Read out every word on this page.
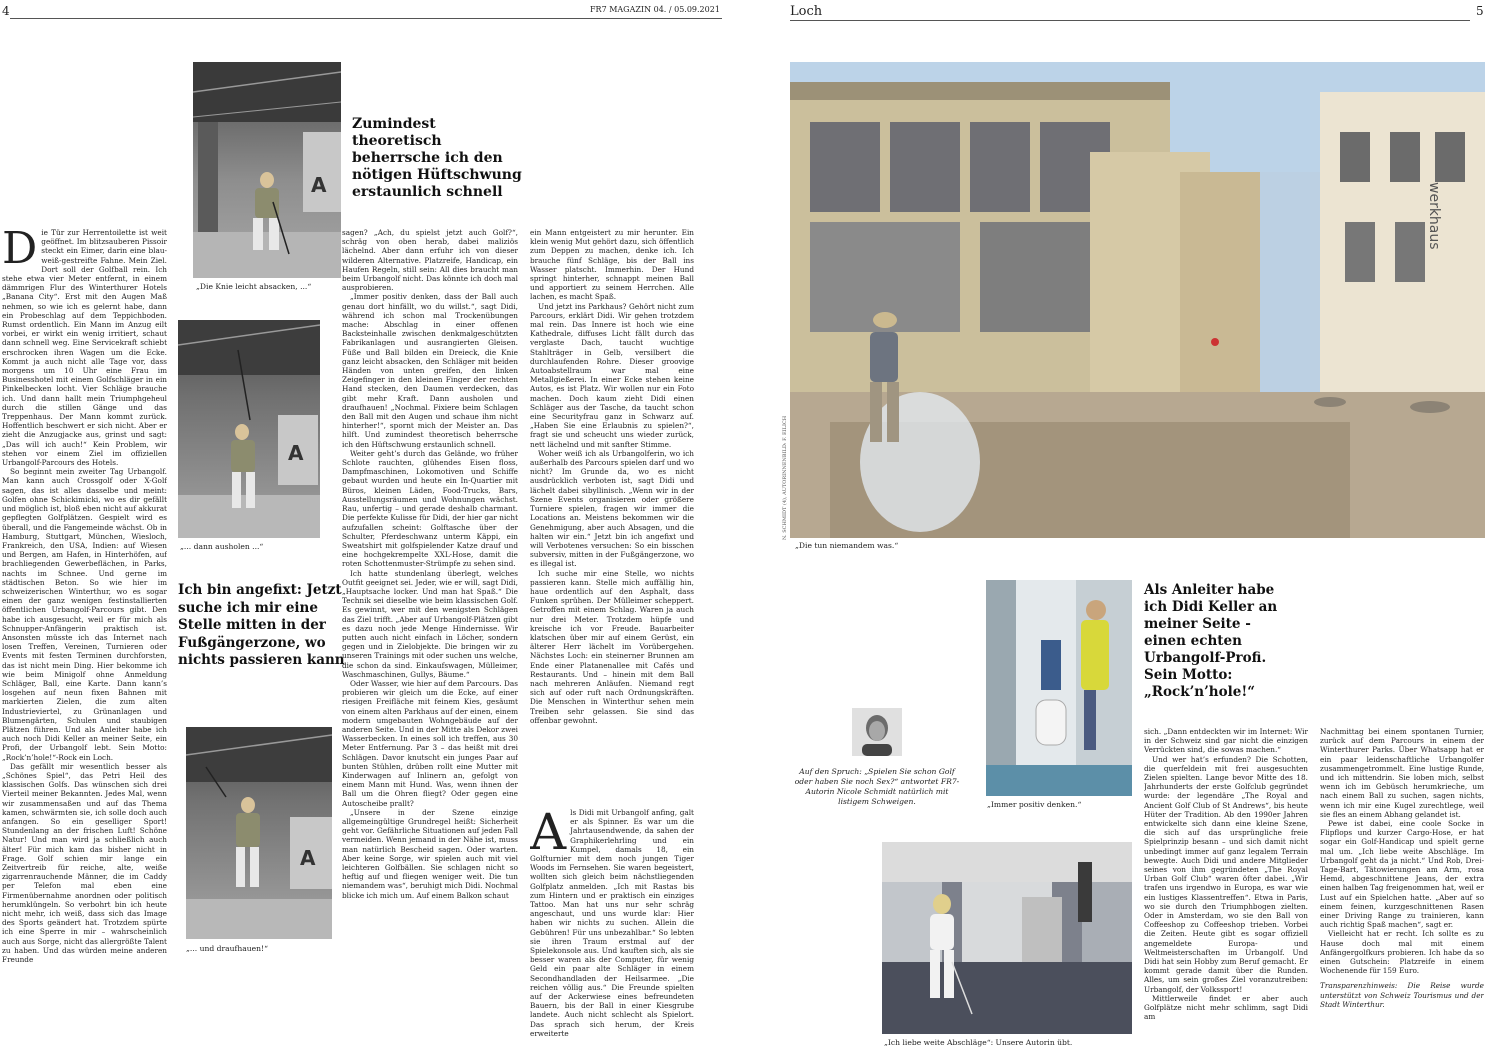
4	FR7 MAGAZIN 04. / 05.09.2021	Loch	5
A
„Die Knie leicht absacken, ...“
A
„... dann ausholen ...“
A
„... und draufhauen!“
Zumindest theoretisch beherrsche ich den nötigen Hüftschwung erstaunlich schnell
Ich bin angefixt: Jetzt suche ich mir eine Stelle mitten in der Fußgängerzone, wo nichts passieren kann
Als Anleiter habe ich Didi Keller an meiner Seite - einen echten Urbangolf-Profi. Sein Motto: „Rock’n’hole!“

Die Tür zur Herrentoilette ist weit geöffnet. Im blitzsauberen Pissoir steckt ein Eimer, darin eine blau-weiß-gestreifte Fahne. Mein Ziel. Dort soll der Golfball rein. Ich stehe etwa vier Meter entfernt, in einem dämmrigen Flur des Winterthurer Hotels „Banana City“. Erst mit den Augen Maß nehmen, so wie ich es gelernt habe, dann ein Probeschlag auf dem Teppichboden. Rumst ordentlich. Ein Mann im Anzug eilt vorbei, er wirkt ein wenig irritiert, schaut dann schnell weg. Eine Servicekraft schiebt erschrocken ihren Wagen um die Ecke. Kommt ja auch nicht alle Tage vor, dass morgens um 10 Uhr eine Frau im Businesshotel mit einem Golfschläger in ein Pinkelbecken locht. Vier Schläge brauche ich. Und dann hallt mein Triumphgeheul durch die stillen Gänge und das Treppenhaus. Der Mann kommt zurück. Hoffentlich beschwert er sich nicht. Aber er zieht die Anzugjacke aus, grinst und sagt: „Das will ich auch!“ Kein Problem, wir stehen vor einem Ziel im offiziellen Urbangolf-Parcours des Hotels.

So beginnt mein zweiter Tag Urbangolf. Man kann auch Crossgolf oder X-Golf sagen, das ist alles dasselbe und meint: Golfen ohne Schickimicki, wo es dir gefällt und möglich ist, bloß eben nicht auf akkurat gepflegten Golfplätzen. Gespielt wird es überall, und die Fangemeinde wächst. Ob in Hamburg, Stuttgart, München, Wiesloch, Frankreich, den USA, Indien: auf Wiesen und Bergen, am Hafen, in Hinterhöfen, auf brachliegenden Gewerbeflächen, in Parks, nachts im Schnee. Und gerne im städtischen Beton. So wie hier im schweizerischen Winterthur, wo es sogar einen der ganz wenigen festinstallierten öffentlichen Urbangolf-Parcours gibt. Den habe ich ausgesucht, weil er für mich als Schnupper-Anfängerin praktisch ist. Ansonsten müsste ich das Internet nach losen Treffen, Vereinen, Turnieren oder Events mit festen Terminen durchforsten, das ist nicht mein Ding. Hier bekomme ich wie beim Minigolf ohne Anmeldung Schläger, Ball, eine Karte. Dann kann’s losgehen auf neun fixen Bahnen mit markierten Zielen, die zum alten Industrieviertel, zu Grünanlagen und Blumengärten, Schulen und staubigen Plätzen führen. Und als Anleiter habe ich auch noch Didi Keller an meiner Seite, ein Profi, der Urbangolf lebt. Sein Motto: „Rock’n’hole!“-Rock ein Loch.

Das gefällt mir wesentlich besser als „Schönes Spiel“, das Petri Heil des klassischen Golfs. Das wünschen sich drei Vierteil meiner Bekannten. Jedes Mal, wenn wir zusammensaßen und auf das Thema kamen, schwärmten sie, ich solle doch auch anfangen. So ein geselliger Sport! Stundenlang an der frischen Luft! Schöne Natur! Und man wird ja schließlich auch älter! Für mich kam das bisher nicht in Frage. Golf schien mir lange ein Zeitvertreib für reiche, alte, weiße zigarrenrauchende Männer, die im Caddy per Telefon mal eben eine Firmenübernahme anordnen oder politisch herumklüngeln. So verbohrt bin ich heute nicht mehr, ich weiß, dass sich das Image des Sports geändert hat. Trotzdem spürte ich eine Sperre in mir – wahrscheinlich auch aus Sorge, nicht das allergrößte Talent zu haben. Und das würden meine anderen Freunde

sagen? „Ach, du spielst jetzt auch Golf?“, schräg von oben herab, dabei maliziös lächelnd. Aber dann erfuhr ich von dieser wilderen Alternative. Platzreife, Handicap, ein Haufen Regeln, still sein: All dies braucht man beim Urbangolf nicht. Das könnte ich doch mal ausprobieren.

„Immer positiv denken, dass der Ball auch genau dort hinfällt, wo du willst.“, sagt Didi, während ich schon mal Trockenübungen mache: Abschlag in einer offenen Backsteinhalle zwischen denkmalgeschützten Fabrikanlagen und ausrangierten Gleisen. Füße und Ball bilden ein Dreieck, die Knie ganz leicht absacken, den Schläger mit beiden Händen von unten greifen, den linken Zeigefinger in den kleinen Finger der rechten Hand stecken, den Daumen verdecken, das gibt mehr Kraft. Dann ausholen und draufhauen! „Nochmal. Fixiere beim Schlagen den Ball mit den Augen und schaue ihm nicht hinterher!“, spornt mich der Meister an. Das hilft. Und zumindest theoretisch beherrsche ich den Hüftschwung erstaunlich schnell.

Weiter geht’s durch das Gelände, wo früher Schlote rauchten, glühendes Eisen floss, Dampfmaschinen, Lokomotiven und Schiffe gebaut wurden und heute ein In-Quartier mit Büros, kleinen Läden, Food-Trucks, Bars, Ausstellungsräumen und Wohnungen wächst. Rau, unfertig – und gerade deshalb charmant. Die perfekte Kulisse für Didi, der hier gar nicht aufzufallen scheint: Golftasche über der Schulter, Pferdeschwanz unterm Käppi, ein Sweatshirt mit golfspielender Katze drauf und eine hochgekrempelte XXL-Hose, damit die roten Schottenmuster-Strümpfe zu sehen sind.

Ich hatte stundenlang überlegt, welches Outfit geeignet sei. Jeder, wie er will, sagt Didi, „Hauptsache locker. Und man hat Spaß.“ Die Technik sei dieselbe wie beim klassischen Golf. Es gewinnt, wer mit den wenigsten Schlägen das Ziel trifft. „Aber auf Urbangolf-Plätzen gibt es dazu noch jede Menge Hindernisse. Wir putten auch nicht einfach in Löcher, sondern gegen und in Zielobjekte. Die bringen wir zu unseren Trainings mit oder suchen uns welche, die schon da sind. Einkaufswagen, Mülleimer, Waschmaschinen, Gullys, Bäume.“

Oder Wasser, wie hier auf dem Parcours. Das probieren wir gleich um die Ecke, auf einer riesigen Freifläche mit feinem Kies, gesäumt von einem alten Parkhaus auf der einen, einem modern umgebauten Wohngebäude auf der anderen Seite. Und in der Mitte als Dekor zwei Wasserbecken. In eines soll ich treffen, aus 30 Meter Entfernung. Par 3 – das heißt mit drei Schlägen. Davor knutscht ein junges Paar auf bunten Stühlen, drüben rollt eine Mutter mit Kinderwagen auf Inlinern an, gefolgt von einem Mann mit Hund. Was, wenn ihnen der Ball um die Ohren fliegt? Oder gegen eine Autoscheibe prallt?

„Unsere in der Szene einzige allgemeingültige Grundregel heißt: Sicherheit geht vor. Gefährliche Situationen auf jeden Fall vermeiden. Wenn jemand in der Nähe ist, muss man natürlich Bescheid sagen. Oder warten. Aber keine Sorge, wir spielen auch mit viel leichteren Golfbällen. Sie schlagen nicht so heftig auf und fliegen weniger weit. Die tun niemandem was“, beruhigt mich Didi. Nochmal blicke ich mich um. Auf einem Balkon schaut

ein Mann entgeistert zu mir herunter. Ein klein wenig Mut gehört dazu, sich öffentlich zum Deppen zu machen, denke ich. Ich brauche fünf Schläge, bis der Ball ins Wasser platscht. Immerhin. Der Hund springt hinterher, schnappt meinen Ball und apportiert zu seinem Herrchen. Alle lachen, es macht Spaß.

Und jetzt ins Parkhaus? Gehört nicht zum Parcours, erklärt Didi. Wir gehen trotzdem mal rein. Das Innere ist hoch wie eine Kathedrale, diffuses Licht fällt durch das verglaste Dach, taucht wuchtige Stahlträger in Gelb, versilbert die durchlaufenden Rohre. Dieser groovige Autoabstellraum war mal eine Metallgießerei. In einer Ecke stehen keine Autos, es ist Platz. Wir wollen nur ein Foto machen. Doch kaum zieht Didi einen Schläger aus der Tasche, da taucht schon eine Securityfrau ganz in Schwarz auf. „Haben Sie eine Erlaubnis zu spielen?“, fragt sie und scheucht uns wieder zurück, nett lächelnd und mit sanfter Stimme.

Woher weiß ich als Urbangolferin, wo ich außerhalb des Parcours spielen darf und wo nicht? Im Grunde da, wo es nicht ausdrücklich verboten ist, sagt Didi und lächelt dabei sibyllinisch. „Wenn wir in der Szene Events organisieren oder größere Turniere spielen, fragen wir immer die Locations an. Meistens bekommen wir die Genehmigung, aber auch Absagen, und die halten wir ein.“ Jetzt bin ich angefixt und will Verbotenes versuchen: So ein bisschen subversiv, mitten in der Fußgängerzone, wo es illegal ist.

Ich suche mir eine Stelle, wo nichts passieren kann. Stelle mich auffällig hin, haue ordentlich auf den Asphalt, dass Funken sprühen. Der Mülleimer scheppert. Getroffen mit einem Schlag. Waren ja auch nur drei Meter. Trotzdem hüpfe und kreische ich vor Freude. Bauarbeiter klatschen über mir auf einem Gerüst, ein älterer Herr lächelt im Vorübergehen. Nächstes Loch: ein steinerner Brunnen am Ende einer Platanenallee mit Cafés und Restaurants. Und – hinein mit dem Ball nach mehreren Anläufen. Niemand regt sich auf oder ruft nach Ordnungskräften. Die Menschen in Winterthur sehen mein Treiben sehr gelassen. Sie sind das offenbar gewohnt.

Als Didi mit Urbangolf anfing, galt er als Spinner. Es war um die Jahrtausendwende, da sahen der Graphikerlehrling und ein Kumpel, damals 18, ein Golfturnier mit dem noch jungen Tiger Woods im Fernsehen. Sie waren begeistert, wollten sich gleich beim nächstliegenden Golfplatz anmelden. „Ich mit Rastas bis zum Hintern und er praktisch ein einziges Tattoo. Man hat uns nur sehr schräg angeschaut, und uns wurde klar: Hier haben wir nichts zu suchen. Allein die Gebühren! Für uns unbezahlbar.“ So lebten sie ihren Traum erstmal auf der Spielekonsole aus. Und kauften sich, als sie besser waren als der Computer, für wenig Geld ein paar alte Schläger in einem Secondhandladen der Heilsarmee. „Die reichen völlig aus.“ Die Freunde spielten auf der Ackerwiese eines befreundeten Bauern, bis der Ball in einer Kiesgrube landete. Auch nicht schlecht als Spielort. Das sprach sich herum, der Kreis erweiterte

werkhaus
N. SCHMIDT (4), AUTORINNENBILD: F. EILICH
„Die tun niemandem was.“
„Immer positiv denken.“
Auf den Spruch: „Spielen Sie schon Golf oder haben Sie noch Sex?“ antwortet FR7-Autorin Nicole Schmidt natürlich mit listigem Schweigen.
„Ich liebe weite Abschläge“: Unsere Autorin übt.

sich. „Dann entdeckten wir im Internet: Wir in der Schweiz sind gar nicht die einzigen Verrückten sind, die sowas machen.“

Und wer hat’s erfunden? Die Schotten, die querfeldein mit frei ausgesuchten Zielen spielten. Lange bevor Mitte des 18. Jahrhunderts der erste Golfclub gegründet wurde: der legendäre „The Royal and Ancient Golf Club of St Andrews“, bis heute Hüter der Tradition. Ab den 1990er Jahren entwickelte sich dann eine kleine Szene, die sich auf das ursprüngliche freie Spielprinzip besann – und sich damit nicht unbedingt immer auf ganz legalem Terrain bewegte. Auch Didi und andere Mitglieder seines von ihm gegründeten „The Royal Urban Golf Club“ waren öfter dabei. „Wir trafen uns irgendwo in Europa, es war wie ein lustiges Klassentreffen“. Etwa in Paris, wo sie durch den Triumphbogen zielten. Oder in Amsterdam, wo sie den Ball von Coffeeshop zu Coffeeshop trieben. Vorbei die Zeiten. Heute gibt es sogar offiziell angemeldete Europa- und Weltmeisterschaften im Urbangolf. Und Didi hat sein Hobby zum Beruf gemacht. Er kommt gerade damit über die Runden. Alles, um sein großes Ziel voranzutreiben: Urbangolf, der Volkssport!

Mittlerweile findet er aber auch Golfplätze nicht mehr schlimm, sagt Didi am

Nachmittag bei einem spontanen Turnier, zurück auf dem Parcours in einem der Winterthurer Parks. Über Whatsapp hat er ein paar leidenschaftliche Urbangolfer zusammengetrommelt. Eine lustige Runde, und ich mittendrin. Sie loben mich, selbst wenn ich im Gebüsch herumkrieche, um nach einem Ball zu suchen, sagen nichts, wenn ich mir eine Kugel zurechtlege, weil sie fles an einem Abhang gelandet ist.

Pewe ist dabei, eine coole Socke in Flipflops und kurzer Cargo-Hose, er hat sogar ein Golf-Handicap und spielt gerne mal um. „Ich liebe weite Abschläge. Im Urbangolf geht da ja nicht.“ Und Rob, Drei-Tage-Bart, Tätowierungen am Arm, rosa Hemd, abgeschnittene Jeans, der extra einen halben Tag freigenommen hat, weil er Lust auf ein Spielchen hatte. „Aber auf so einem feinen, kurzgeschnittenen Rasen einer Driving Range zu trainieren, kann auch richtig Spaß machen“, sagt er.

Vielleicht hat er recht. Ich sollte es zu Hause doch mal mit einem Anfängergolfkurs probieren. Ich habe da so einen Gutschein: Platzreife in einem Wochenende für 159 Euro.

Transparenzhinweis: Die Reise wurde unterstützt von Schweiz Tourismus und der Stadt Winterthur.
